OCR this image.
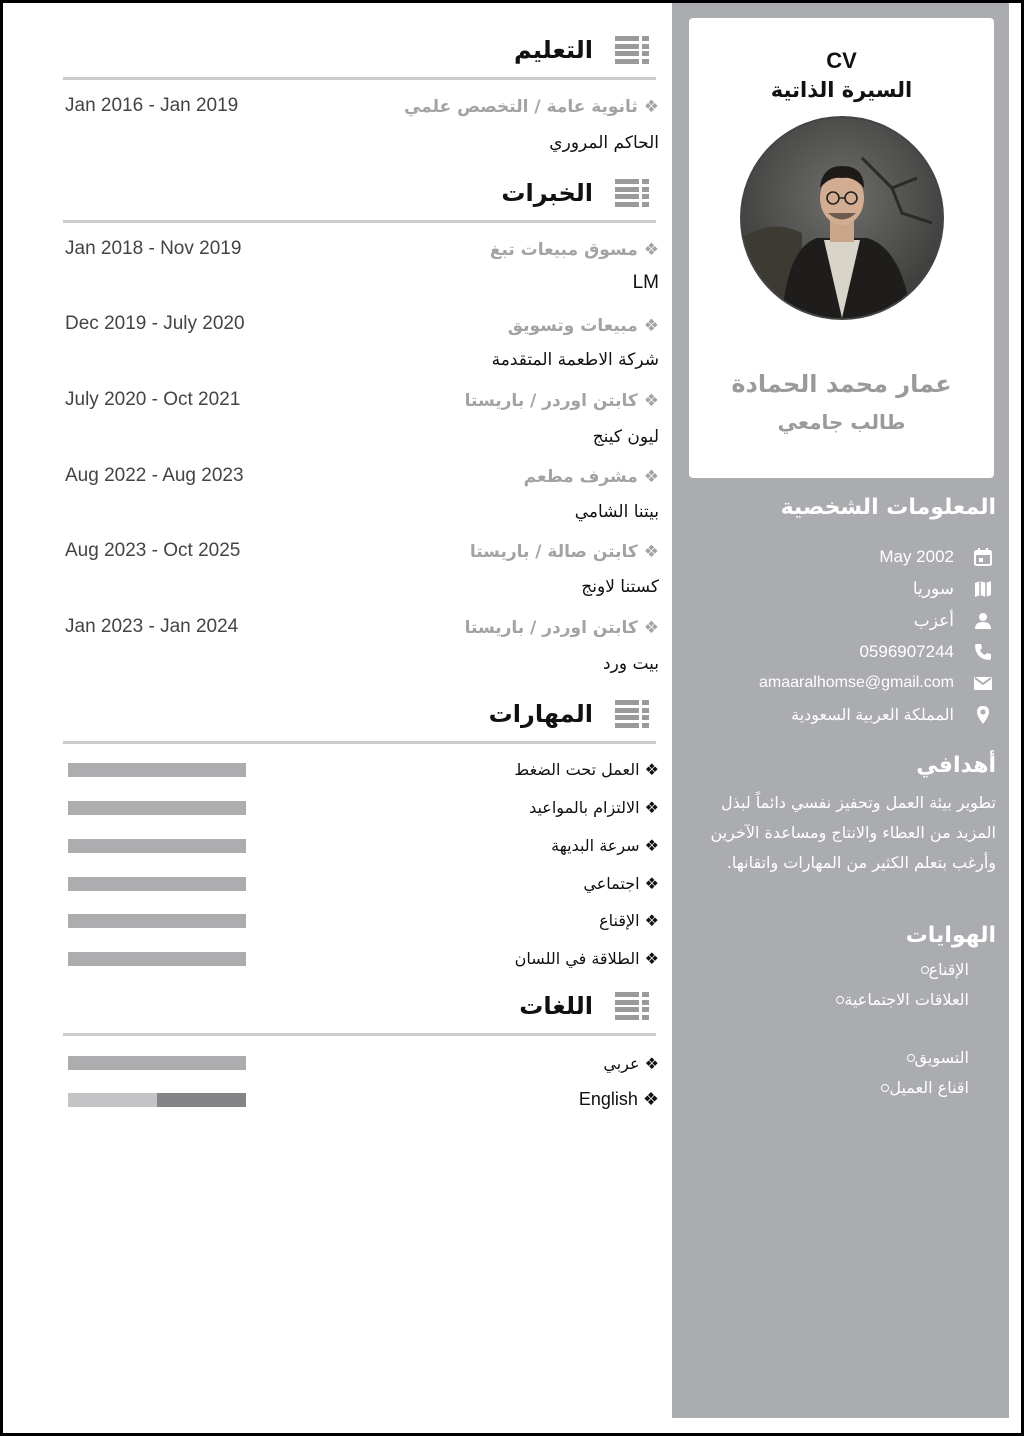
CV
السيرة الذاتية
عمار محمد الحمادة
طالب جامعي
المعلومات الشخصية
May 2002
سوريا
أعزب
0596907244
amaaralhomse@gmail.com
المملكة العربية السعودية
أهدافي
تطوير بيئة العمل وتحفيز نفسي دائماً لبذل
المزيد من العطاء والانتاج ومساعدة الآخرين
وأرغب بتعلم الكثير من المهارات واتقانها.
الهوايات
الإقناع
العلاقات الاجتماعية
التسويق
اقناع العميل
التعليم
❖ثانوية عامة / التخصص علمي
Jan 2016 - Jan 2019
الحاكم المروري
الخبرات
❖مسوق مبيعات تبغ
Jan 2018 - Nov 2019
LM
❖مبيعات وتسويق
Dec 2019 - July 2020
شركة الاطعمة المتقدمة
❖كابتن اوردر / باريستا
July 2020 - Oct 2021
ليون كينج
❖مشرف مطعم
Aug 2022 - Aug 2023
بيتنا الشامي
❖كابتن صالة / باريستا
Aug 2023 - Oct 2025
كستنا لاونج
❖كابتن اوردر / باريستا
Jan 2023 - Jan 2024
بيت ورد
المهارات
❖ العمل تحت الضغط
❖ الالتزام بالمواعيد
❖ سرعة البديهة
❖ اجتماعي
❖ الإقناع
❖ الطلاقة في اللسان
اللغات
❖ عربي
❖ English
